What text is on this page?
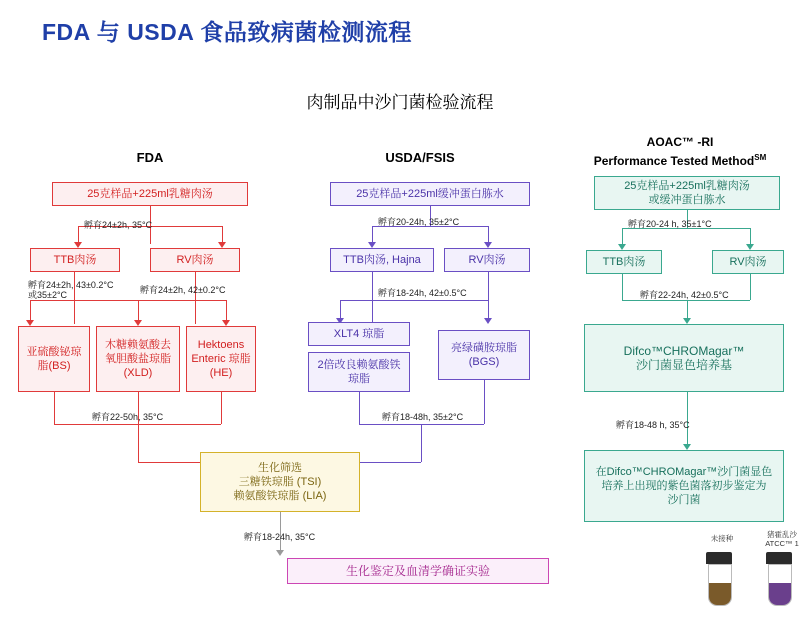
FDA 与 USDA 食品致病菌检测流程
肉制品中沙门菌检验流程
FDA	USDA/FSIS
AOAC™ -RI
Performance Tested Method℠
25克样品+225ml乳糖肉汤
孵育24±2h, 35°C
TTB肉汤	RV肉汤
孵育24±2h, 43±0.2°C
或35±2°C	孵育24±2h, 42±0.2°C
亚硫酸铋琼脂(BS)
木糖赖氨酸去氧胆酸盐琼脂(XLD)
Hektoens Enteric 琼脂(HE)
孵育22-50h, 35°C
25克样品+225ml缓冲蛋白胨水
孵育20-24h, 35±2°C
TTB肉汤, Hajna	RV肉汤
孵育18-24h, 42±0.5°C
XLT4 琼脂
2倍改良赖氨酸铁琼脂
亮绿磺胺琼脂(BGS)
孵育18-48h, 35±2°C
25克样品+225ml乳糖肉汤
或缓冲蛋白胨水
孵育20-24 h, 35±1°C
TTB肉汤	RV肉汤
孵育22-24h, 42±0.5°C
Difco™CHROMagar™
沙门菌显色培养基
孵育18-48 h, 35°C
在Difco™CHROMagar™沙门菌显色
培养上出现的紫色菌落初步鉴定为
沙门菌
生化筛选
三糖铁琼脂 (TSI)
赖氨酸铁琼脂 (LIA)
孵育18-24h, 35°C
生化鉴定及血清学确证实验
未接种	猪霍乱沙
ATCC™ 1
